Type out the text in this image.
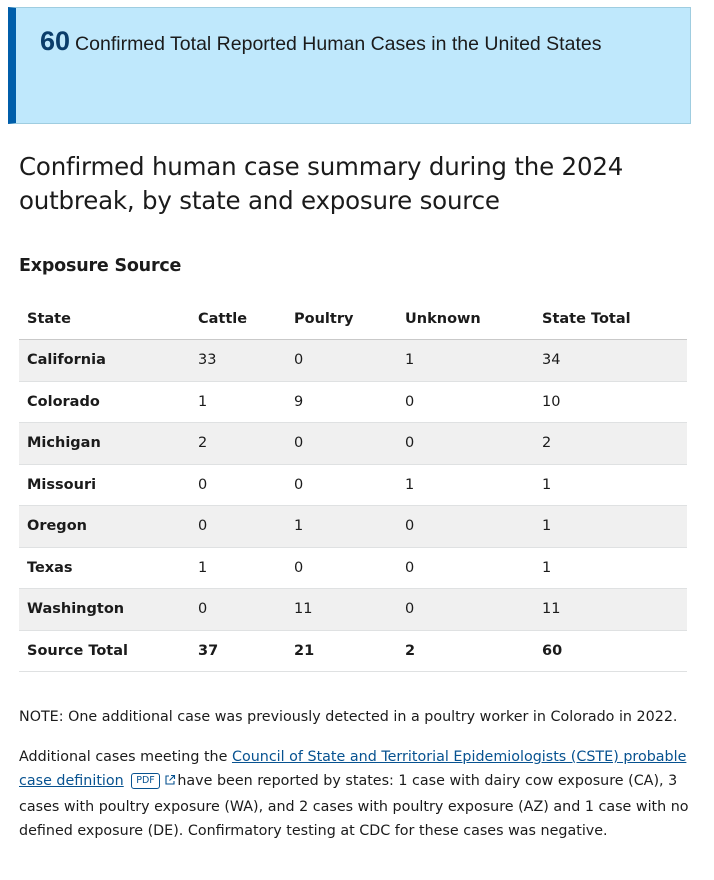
60 Confirmed Total Reported Human Cases in the United States
Confirmed human case summary during the 2024 outbreak, by state and exposure source
Exposure Source
State	Cattle	Poultry	Unknown	State Total
California	33	0	1	34
Colorado	1	9	0	10
Michigan	2	0	0	2
Missouri	0	0	1	1
Oregon	0	1	0	1
Texas	1	0	0	1
Washington	0	11	0	11
Source Total	37	21	2	60

NOTE: One additional case was previously detected in a poultry worker in Colorado in 2022.

Additional cases meeting the Council of State and Territorial Epidemiologists (CSTE) probable case definition PDF have been reported by states: 1 case with dairy cow exposure (CA), 3 cases with poultry exposure (WA), and 2 cases with poultry exposure (AZ) and 1 case with no defined exposure (DE). Confirmatory testing at CDC for these cases was negative.
